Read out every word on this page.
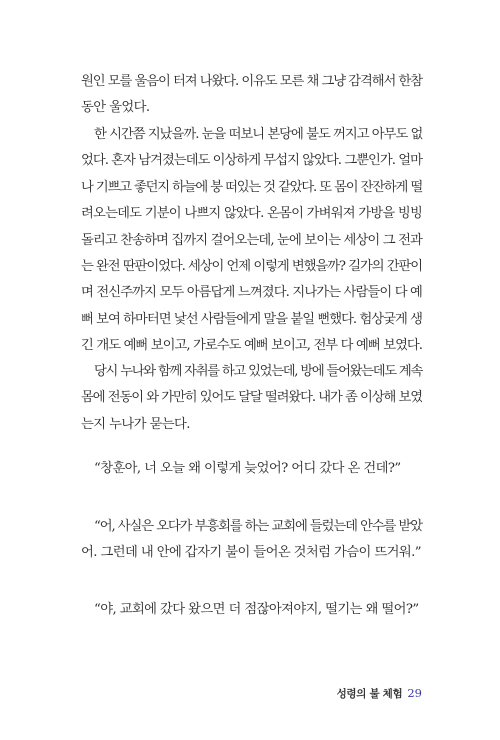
원인 모를 울음이 터져 나왔다. 이유도 모른 채 그냥 감격해서 한참
동안 울었다.
한 시간쯤 지났을까. 눈을 떠보니 본당에 불도 꺼지고 아무도 없
었다. 혼자 남겨졌는데도 이상하게 무섭지 않았다. 그뿐인가. 얼마
나 기쁘고 좋던지 하늘에 붕 떠있는 것 같았다. 또 몸이 잔잔하게 떨
려오는데도 기분이 나쁘지 않았다. 온몸이 가벼워져 가방을 빙빙
돌리고 찬송하며 집까지 걸어오는데, 눈에 보이는 세상이 그 전과
는 완전 딴판이었다. 세상이 언제 이렇게 변했을까? 길가의 간판이
며 전신주까지 모두 아름답게 느껴졌다. 지나가는 사람들이 다 예
뻐 보여 하마터면 낯선 사람들에게 말을 붙일 뻔했다. 험상궂게 생
긴 개도 예뻐 보이고, 가로수도 예뻐 보이고, 전부 다 예뻐 보였다.
당시 누나와 함께 자취를 하고 있었는데, 방에 들어왔는데도 계속
몸에 전동이 와 가만히 있어도 달달 떨려왔다. 내가 좀 이상해 보였
는지 누나가 묻는다.
“창훈아, 너 오늘 왜 이렇게 늦었어? 어디 갔다 온 건데?”
“어, 사실은 오다가 부흥회를 하는 교회에 들렀는데 안수를 받았
어. 그런데 내 안에 갑자기 불이 들어온 것처럼 가슴이 뜨거워.”
“야, 교회에 갔다 왔으면 더 점잖아져야지, 떨기는 왜 떨어?”
성령의 불 체험 29
